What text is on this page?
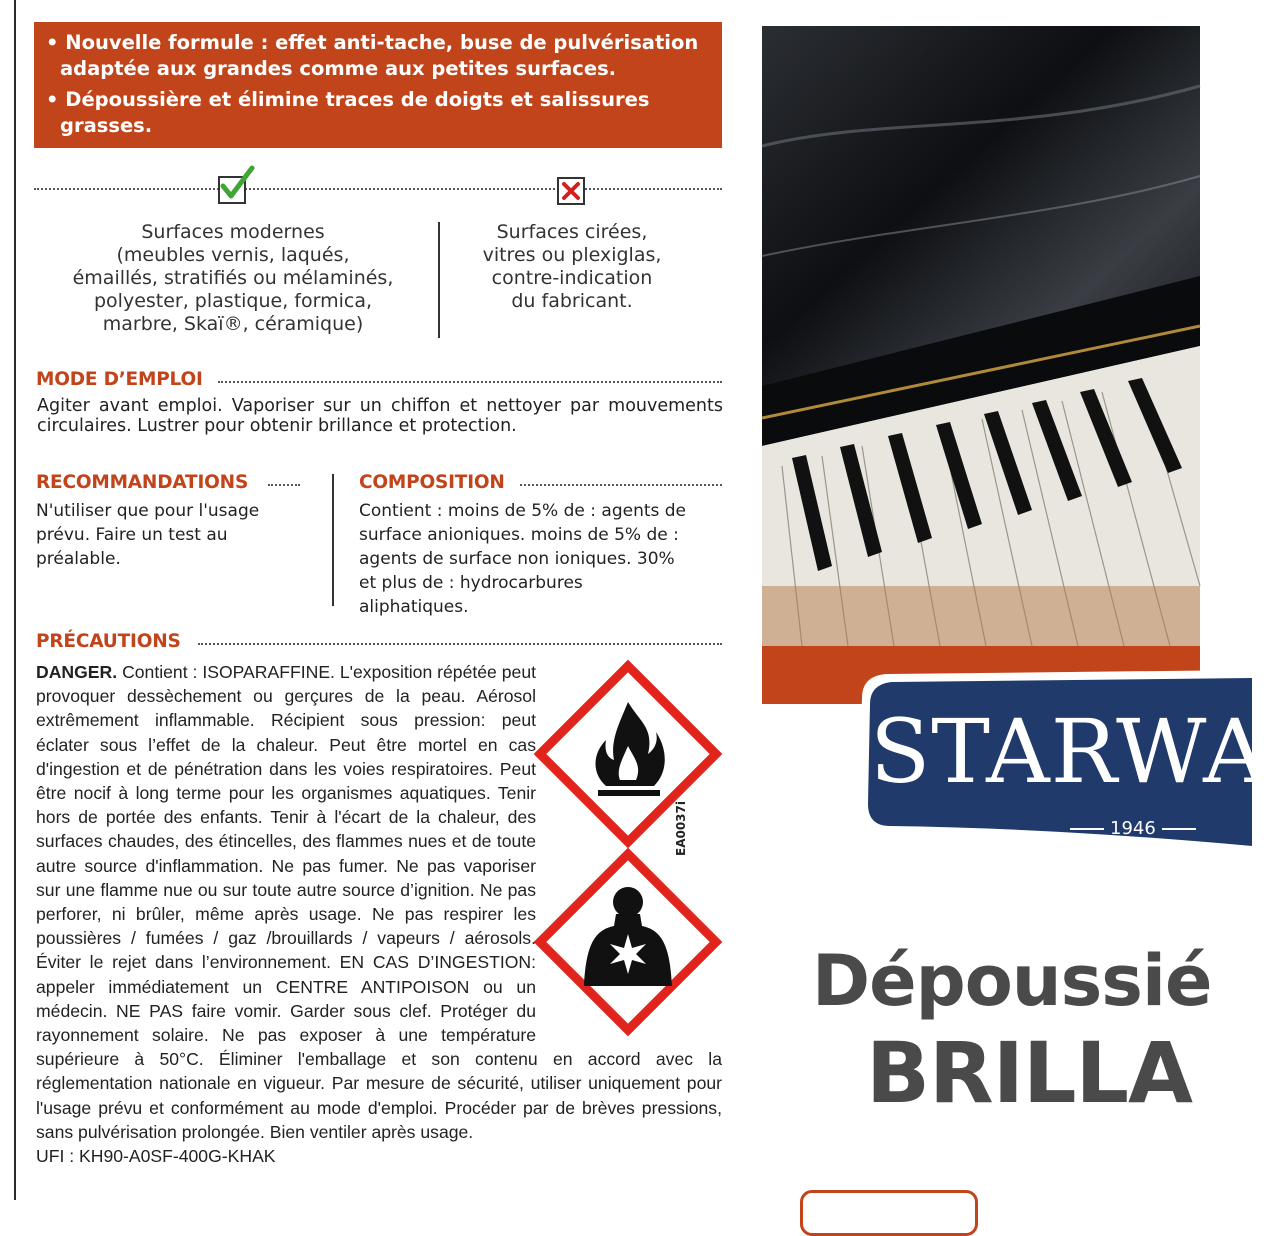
• Nouvelle formule : effet anti-tache, buse de pulvérisation adaptée aux grandes comme aux petites surfaces.

• Dépoussière et élimine traces de doigts et salissures grasses.

Surfaces modernes
(meubles vernis, laqués,
émaillés, stratifiés ou mélaminés,
polyester, plastique, formica,
marbre, Skaï®, céramique)
Surfaces cirées,
vitres ou plexiglas,
contre-indication
du fabricant.
MODE D’EMPLOI
Agiter avant emploi. Vaporiser sur un chiffon et nettoyer par mouvements circulaires. Lustrer pour obtenir brillance et protection.
RECOMMANDATIONS
N'utiliser que pour l'usage
prévu. Faire un test au
préalable.
COMPOSITION
Contient : moins de 5% de : agents de
surface anioniques. moins de 5% de :
agents de surface non ioniques. 30%
et plus de : hydrocarbures
aliphatiques.
PRÉCAUTIONS
DANGER. Contient : ISOPARAFFINE. L'exposition répétée peut provoquer dessèchement ou gerçures de la peau. Aérosol extrêmement inflammable. Récipient sous pression: peut éclater sous l’effet de la chaleur. Peut être mortel en cas d'ingestion et de pénétration dans les voies respiratoires. Peut être nocif à long terme pour les organismes aquatiques. Tenir hors de portée des enfants. Tenir à l'écart de la chaleur, des surfaces chaudes, des étincelles, des flammes nues et de toute autre source d'inflammation. Ne pas fumer. Ne pas vaporiser sur une flamme nue ou sur toute autre source d’ignition. Ne pas perforer, ni brûler, même après usage. Ne pas respirer les poussières / fumées / gaz /brouillards / vapeurs / aérosols. Éviter le rejet dans l’environnement. EN CAS D’INGESTION: appeler immédiatement un CENTRE ANTIPOISON ou un médecin. NE PAS faire vomir. Garder sous clef. Protéger du rayonnement solaire. Ne pas exposer à une température supérieure à 50°C. Éliminer l'emballage et son contenu en accord avec la réglementation nationale en vigueur. Par mesure de sécurité, utiliser uniquement pour l'usage prévu et conformément au mode d'emploi. Procéder par de brèves pressions, sans pulvérisation prolongée. Bien ventiler après usage.
UFI : KH90-A0SF-400G-KHAK
EA0037i
STARWA
1946
Dépoussié
BRILLA
